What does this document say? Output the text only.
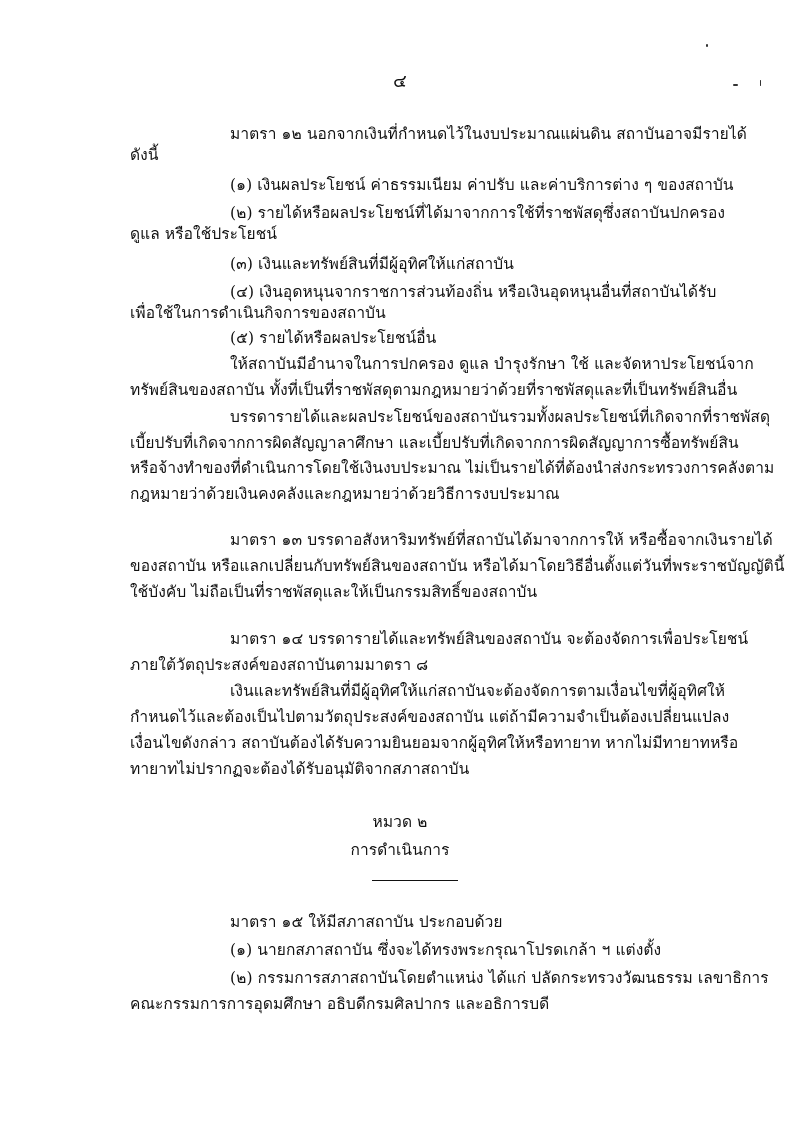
๔
มาตรา ๑๒ นอกจากเงินที่กำหนดไว้ในงบประมาณแผ่นดิน สถาบันอาจมีรายได้
ดังนี้
(๑) เงินผลประโยชน์ ค่าธรรมเนียม ค่าปรับ และค่าบริการต่าง ๆ ของสถาบัน
(๒) รายได้หรือผลประโยชน์ที่ได้มาจากการใช้ที่ราชพัสดุซึ่งสถาบันปกครอง
ดูแล หรือใช้ประโยชน์
(๓) เงินและทรัพย์สินที่มีผู้อุทิศให้แก่สถาบัน
(๔) เงินอุดหนุนจากราชการส่วนท้องถิ่น หรือเงินอุดหนุนอื่นที่สถาบันได้รับ
เพื่อใช้ในการดำเนินกิจการของสถาบัน
(๕) รายได้หรือผลประโยชน์อื่น
ให้สถาบันมีอำนาจในการปกครอง ดูแล บำรุงรักษา ใช้ และจัดหาประโยชน์จาก
ทรัพย์สินของสถาบัน ทั้งที่เป็นที่ราชพัสดุตามกฎหมายว่าด้วยที่ราชพัสดุและที่เป็นทรัพย์สินอื่น
บรรดารายได้และผลประโยชน์ของสถาบันรวมทั้งผลประโยชน์ที่เกิดจากที่ราชพัสดุ
เบี้ยปรับที่เกิดจากการผิดสัญญาลาศึกษา และเบี้ยปรับที่เกิดจากการผิดสัญญาการซื้อทรัพย์สิน
หรือจ้างทำของที่ดำเนินการโดยใช้เงินงบประมาณ ไม่เป็นรายได้ที่ต้องนำส่งกระทรวงการคลังตาม
กฎหมายว่าด้วยเงินคงคลังและกฎหมายว่าด้วยวิธีการงบประมาณ
มาตรา ๑๓ บรรดาอสังหาริมทรัพย์ที่สถาบันได้มาจากการให้ หรือซื้อจากเงินรายได้
ของสถาบัน หรือแลกเปลี่ยนกับทรัพย์สินของสถาบัน หรือได้มาโดยวิธีอื่นตั้งแต่วันที่พระราชบัญญัตินี้
ใช้บังคับ ไม่ถือเป็นที่ราชพัสดุและให้เป็นกรรมสิทธิ์ของสถาบัน
มาตรา ๑๔ บรรดารายได้และทรัพย์สินของสถาบัน จะต้องจัดการเพื่อประโยชน์
ภายใต้วัตถุประสงค์ของสถาบันตามมาตรา ๘
เงินและทรัพย์สินที่มีผู้อุทิศให้แก่สถาบันจะต้องจัดการตามเงื่อนไขที่ผู้อุทิศให้
กำหนดไว้และต้องเป็นไปตามวัตถุประสงค์ของสถาบัน แต่ถ้ามีความจำเป็นต้องเปลี่ยนแปลง
เงื่อนไขดังกล่าว สถาบันต้องได้รับความยินยอมจากผู้อุทิศให้หรือทายาท หากไม่มีทายาทหรือ
ทายาทไม่ปรากฏจะต้องได้รับอนุมัติจากสภาสถาบัน
หมวด ๒
การดำเนินการ
มาตรา ๑๕ ให้มีสภาสถาบัน ประกอบด้วย
(๑) นายกสภาสถาบัน ซึ่งจะได้ทรงพระกรุณาโปรดเกล้า ฯ แต่งตั้ง
(๒) กรรมการสภาสถาบันโดยตำแหน่ง ได้แก่ ปลัดกระทรวงวัฒนธรรม เลขาธิการ
คณะกรรมการการอุดมศึกษา อธิบดีกรมศิลปากร และอธิการบดี
